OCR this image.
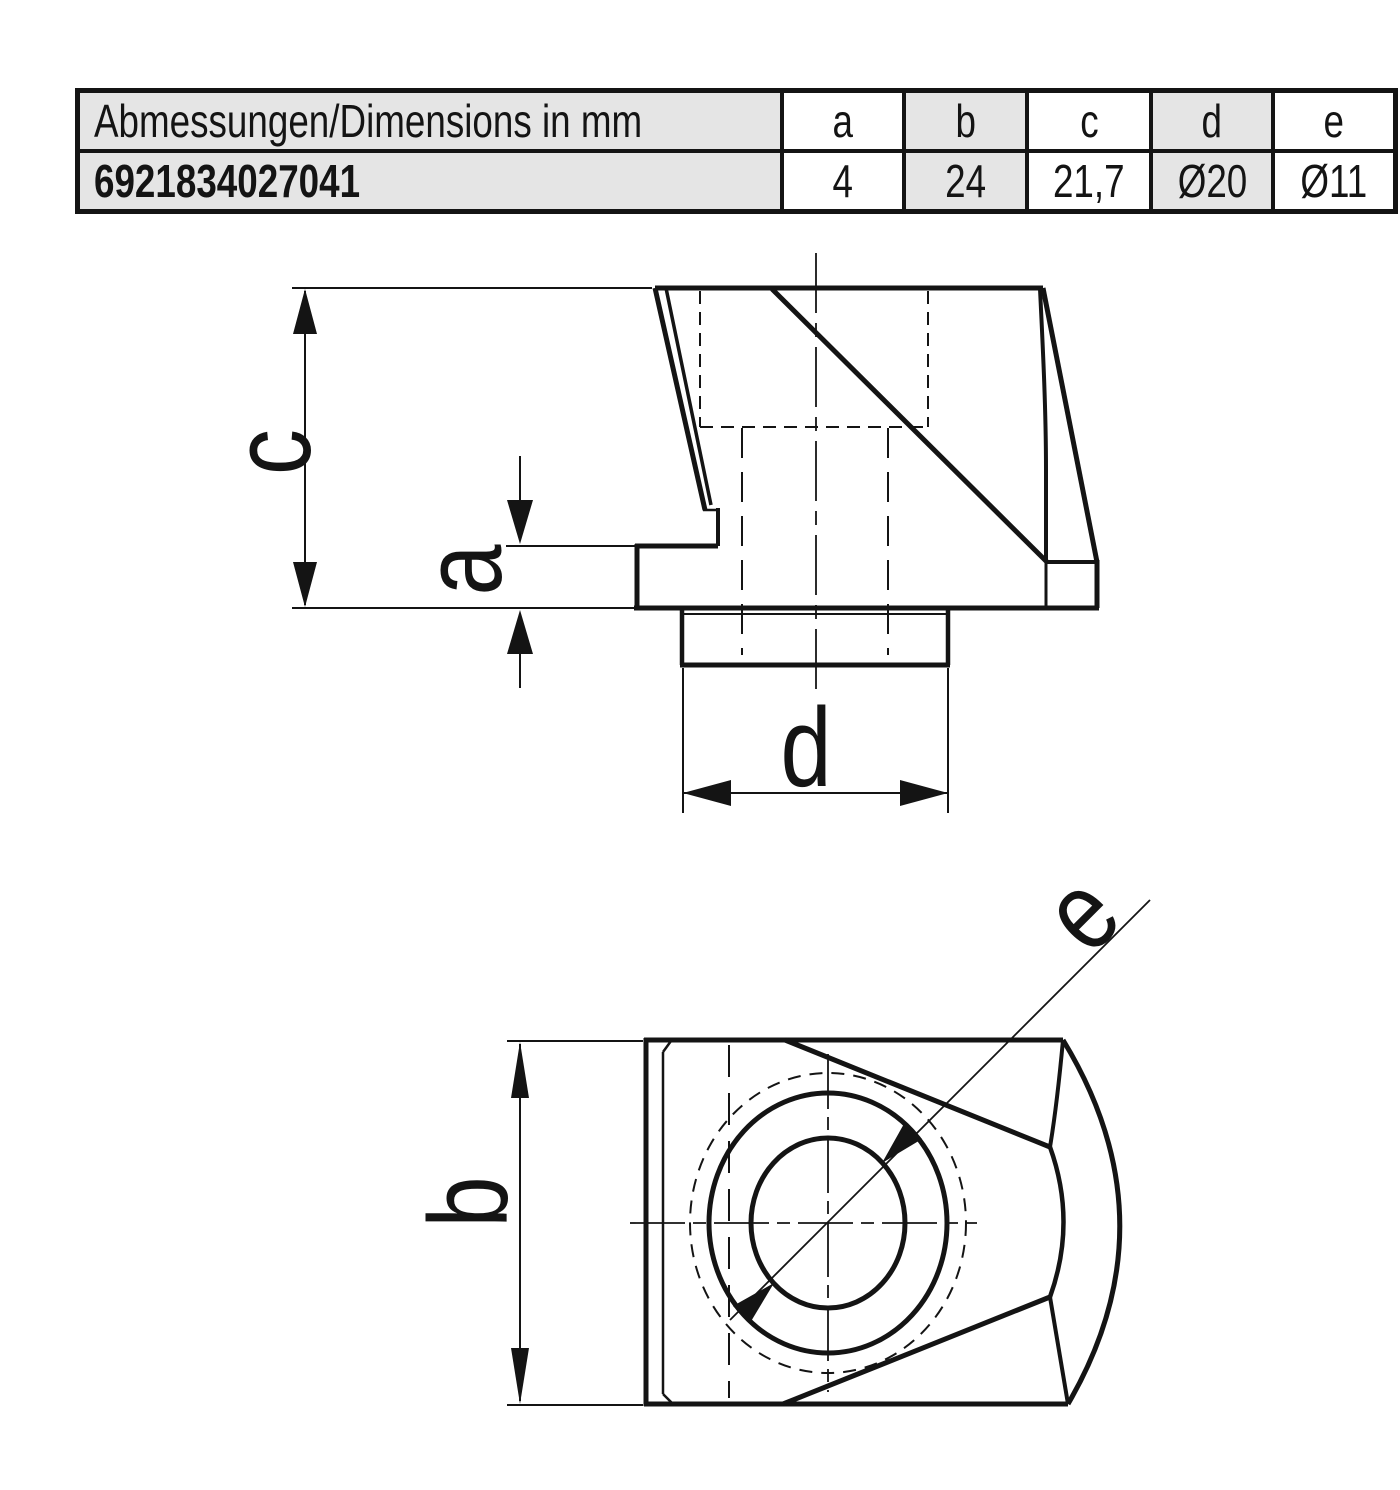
Abmessungen/Dimensions in mm	a	b	c	d	e
6921834027041	4	24	21,7	Ø20	Ø11
c
a
d
b
e
